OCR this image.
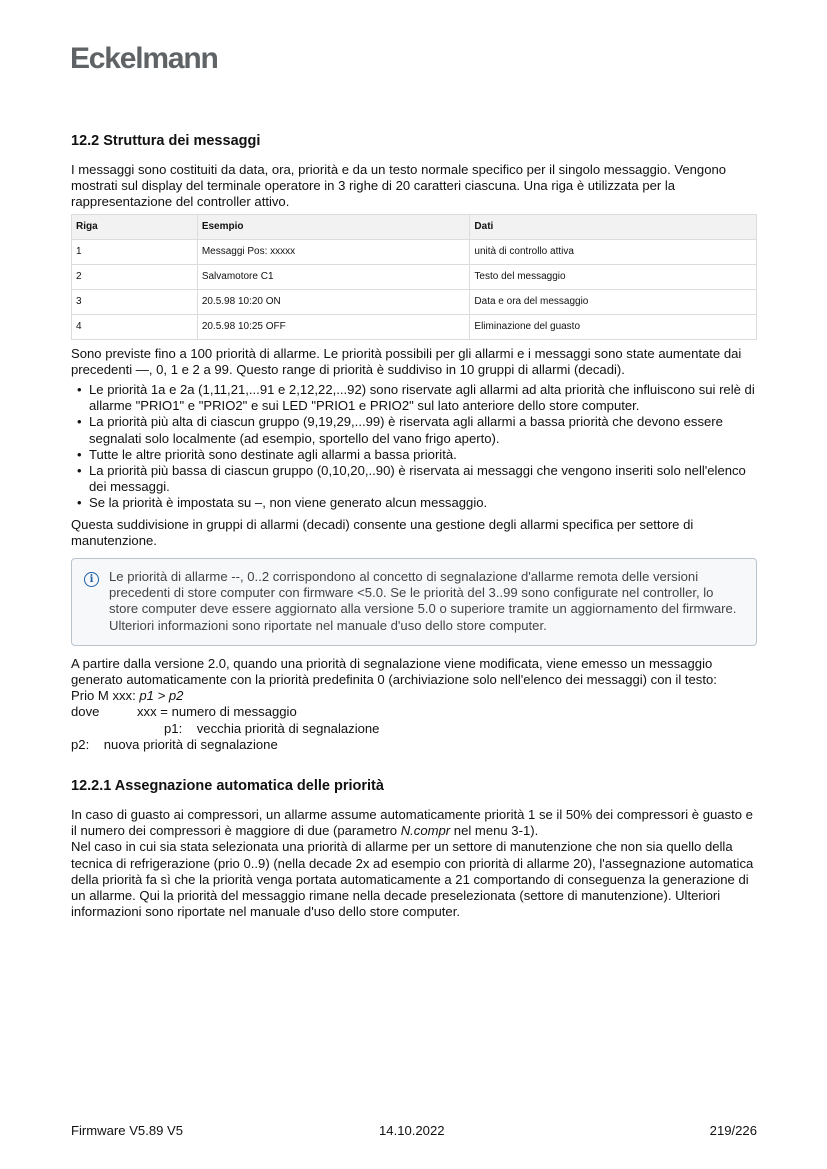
Eckelmann
12.2 Struttura dei messaggi

I messaggi sono costituiti da data, ora, priorità e da un testo normale specifico per il singolo messaggio. Vengono mostrati sul display del terminale operatore in 3 righe di 20 caratteri ciascuna. Una riga è utilizzata per la rappresentazione del controller attivo.

Riga	Esempio	Dati
1	Messaggi Pos: xxxxx	unità di controllo attiva
2	Salvamotore C1	Testo del messaggio
3	20.5.98 10:20 ON	Data e ora del messaggio
4	20.5.98 10:25 OFF	Eliminazione del guasto

Sono previste fino a 100 priorità di allarme. Le priorità possibili per gli allarmi e i messaggi sono state aumentate dai precedenti —, 0, 1 e 2 a 99. Questo range di priorità è suddiviso in 10 gruppi di allarmi (decadi).

• Le priorità 1a e 2a (1,11,21,...91 e 2,12,22,...92) sono riservate agli allarmi ad alta priorità che influiscono sui relè di allarme "PRIO1" e "PRIO2" e sui LED "PRIO1 e PRIO2" sul lato anteriore dello store computer.
• La priorità più alta di ciascun gruppo (9,19,29,...99) è riservata agli allarmi a bassa priorità che devono essere segnalati solo localmente (ad esempio, sportello del vano frigo aperto).
• Tutte le altre priorità sono destinate agli allarmi a bassa priorità.
• La priorità più bassa di ciascun gruppo (0,10,20,..90) è riservata ai messaggi che vengono inseriti solo nell'elenco dei messaggi.
• Se la priorità è impostata su –, non viene generato alcun messaggio.

Questa suddivisione in gruppi di allarmi (decadi) consente una gestione degli allarmi specifica per settore di manutenzione.

i	Le priorità di allarme --, 0..2 corrispondono al concetto di segnalazione d'allarme remota delle versioni precedenti di store computer con firmware <5.0. Se le priorità del 3..99 sono configurate nel controller, lo store computer deve essere aggiornato alla versione 5.0 o superiore tramite un aggiornamento del firmware. Ulteriori informazioni sono riportate nel manuale d'uso dello store computer.

A partire dalla versione 2.0, quando una priorità di segnalazione viene modificata, viene emesso un messaggio generato automaticamente con la priorità predefinita 0 (archiviazione solo nell'elenco dei messaggi) con il testo:

Prio M xxx: p1 > p2

dove	xxx = numero di messaggio

p1:    vecchia priorità di segnalazione

p2:    nuova priorità di segnalazione

12.2.1 Assegnazione automatica delle priorità

In caso di guasto ai compressori, un allarme assume automaticamente priorità 1 se il 50% dei compressori è guasto e il numero dei compressori è maggiore di due (parametro N.compr nel menu 3-1).

Nel caso in cui sia stata selezionata una priorità di allarme per un settore di manutenzione che non sia quello della tecnica di refrigerazione (prio 0..9) (nella decade 2x ad esempio con priorità di allarme 20), l'assegnazione automatica della priorità fa sì che la priorità venga portata automaticamente a 21 comportando di conseguenza la generazione di un allarme. Qui la priorità del messaggio rimane nella decade preselezionata (settore di manutenzione). Ulteriori informazioni sono riportate nel manuale d'uso dello store computer.

Firmware V5.89 V5	14.10.2022	219/226
